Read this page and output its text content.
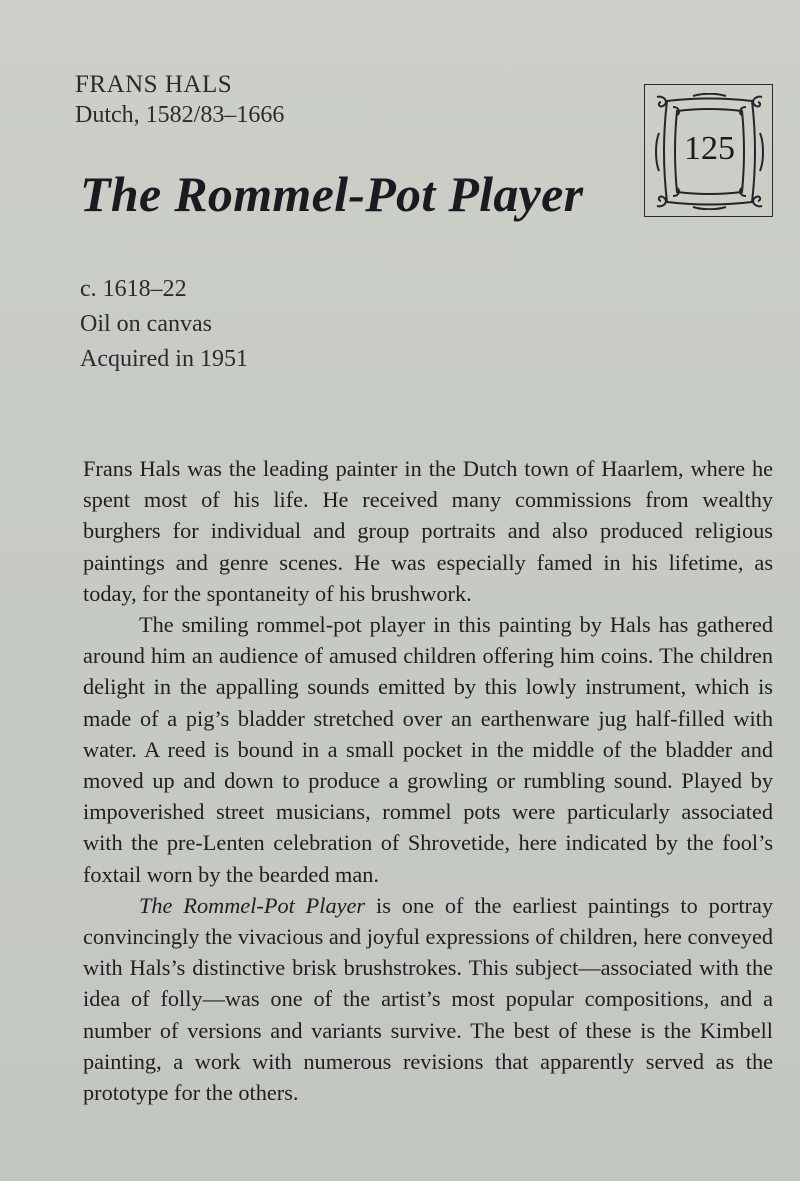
FRANS HALS
Dutch, 1582/83–1666
125
The Rommel-Pot Player
c. 1618–22
Oil on canvas
Acquired in 1951

Frans Hals was the leading painter in the Dutch town of Haarlem, where he spent most of his life. He received many commissions from wealthy burghers for individual and group portraits and also produced religious paintings and genre scenes. He was especially famed in his lifetime, as today, for the spontaneity of his brushwork.

The smiling rommel-pot player in this painting by Hals has gathered around him an audience of amused children offering him coins. The children delight in the appalling sounds emitted by this lowly instrument, which is made of a pig’s bladder stretched over an earthenware jug half-filled with water. A reed is bound in a small pocket in the middle of the bladder and moved up and down to produce a growling or rumbling sound. Played by impoverished street musicians, rommel pots were particularly associated with the pre-Lenten celebration of Shrovetide, here indicated by the fool’s foxtail worn by the bearded man.

The Rommel-Pot Player is one of the earliest paintings to portray convincingly the vivacious and joyful expressions of children, here conveyed with Hals’s distinctive brisk brushstrokes. This subject—associated with the idea of folly—was one of the artist’s most popular compositions, and a number of versions and variants survive. The best of these is the Kimbell painting, a work with numerous revisions that apparently served as the prototype for the others.
